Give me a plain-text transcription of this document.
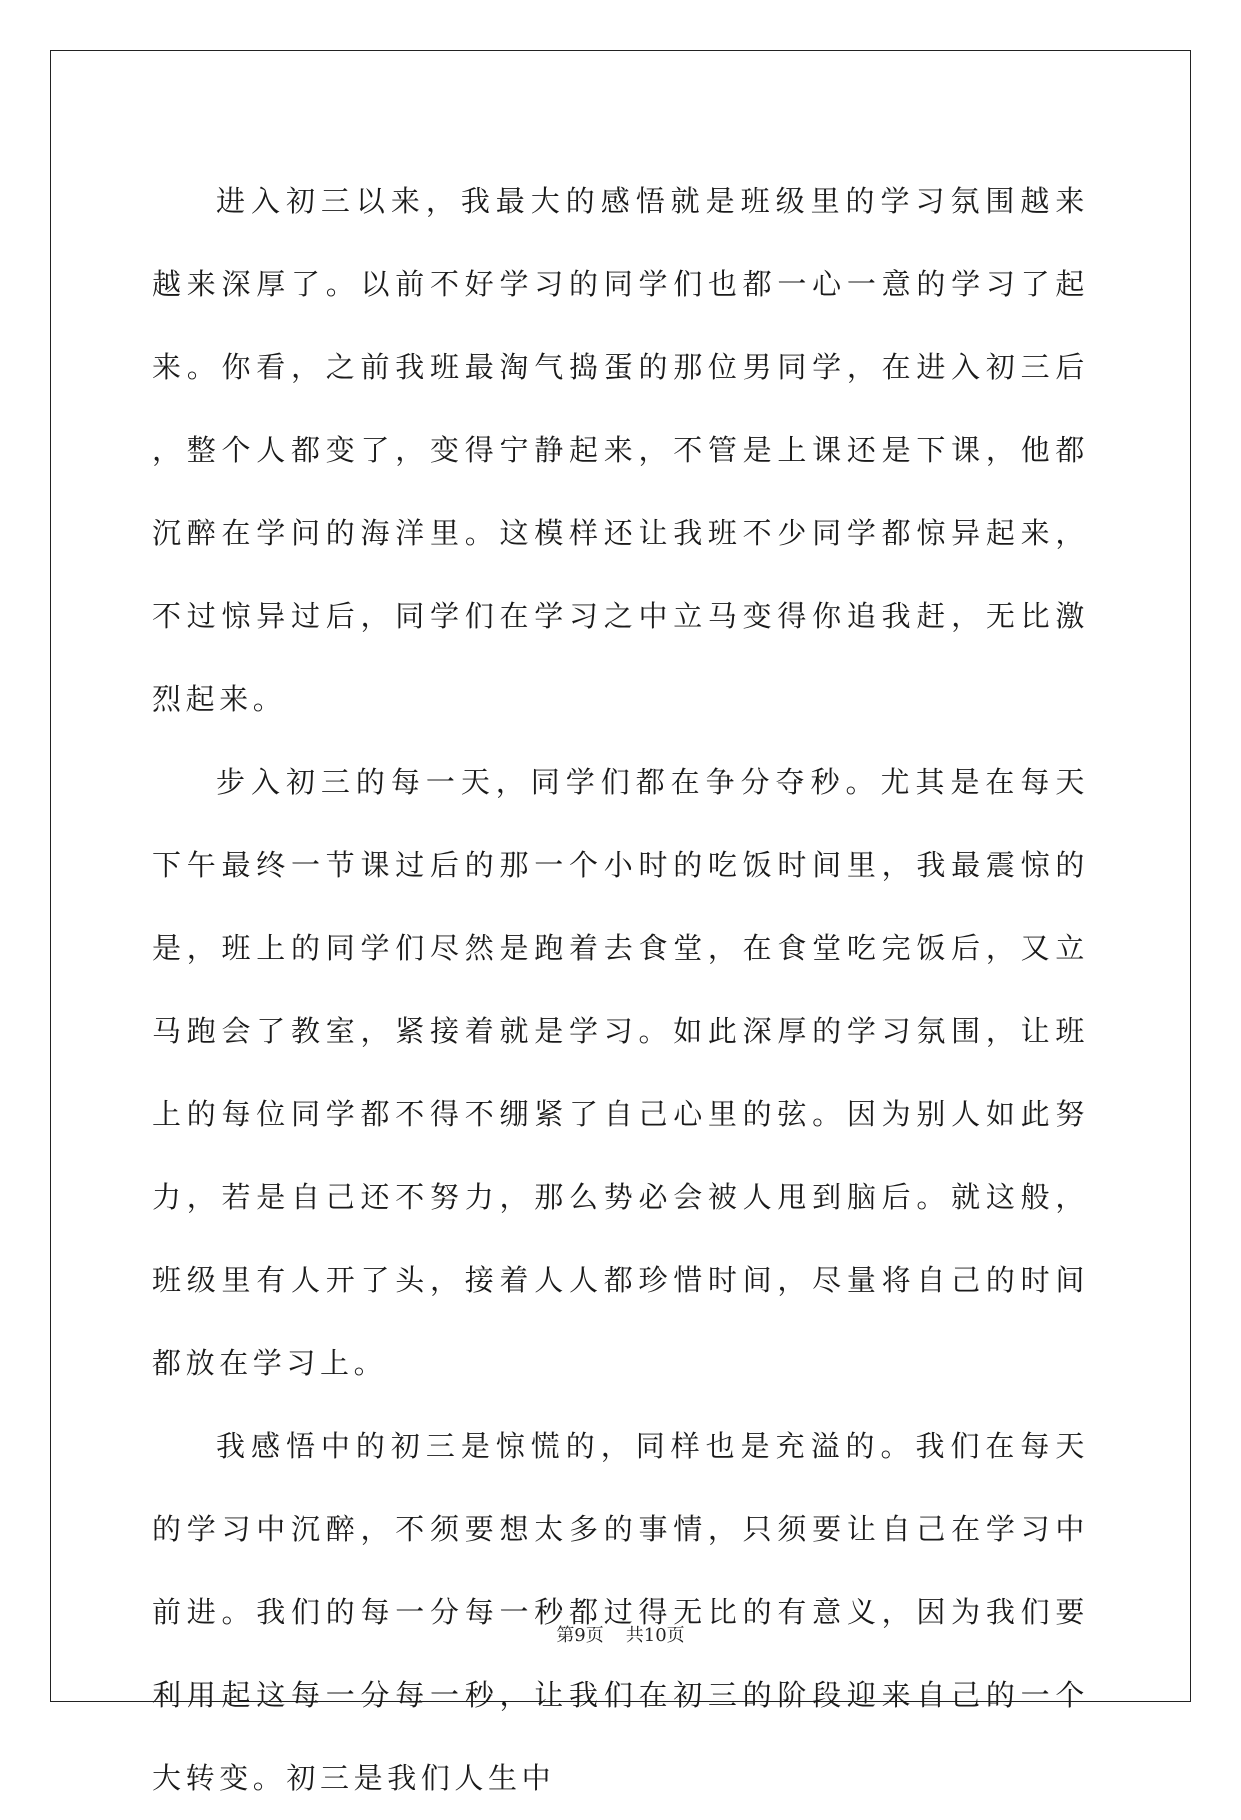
进入初三以来，我最大的感悟就是班级里的学习氛围越来越来深厚了。以前不好学习的同学们也都一心一意的学习了起来。你看，之前我班最淘气捣蛋的那位男同学，在进入初三后，整个人都变了，变得宁静起来，不管是上课还是下课，他都沉醉在学问的海洋里。这模样还让我班不少同学都惊异起来，不过惊异过后，同学们在学习之中立马变得你追我赶，无比激烈起来。

步入初三的每一天，同学们都在争分夺秒。尤其是在每天下午最终一节课过后的那一个小时的吃饭时间里，我最震惊的是，班上的同学们尽然是跑着去食堂，在食堂吃完饭后，又立马跑会了教室，紧接着就是学习。如此深厚的学习氛围，让班上的每位同学都不得不绷紧了自己心里的弦。因为别人如此努力，若是自己还不努力，那么势必会被人甩到脑后。就这般，班级里有人开了头，接着人人都珍惜时间，尽量将自己的时间都放在学习上。

我感悟中的初三是惊慌的，同样也是充溢的。我们在每天的学习中沉醉，不须要想太多的事情，只须要让自己在学习中前进。我们的每一分每一秒都过得无比的有意义，因为我们要利用起这每一分每一秒，让我们在初三的阶段迎来自己的一个大转变。初三是我们人生中

第9页 共10页
